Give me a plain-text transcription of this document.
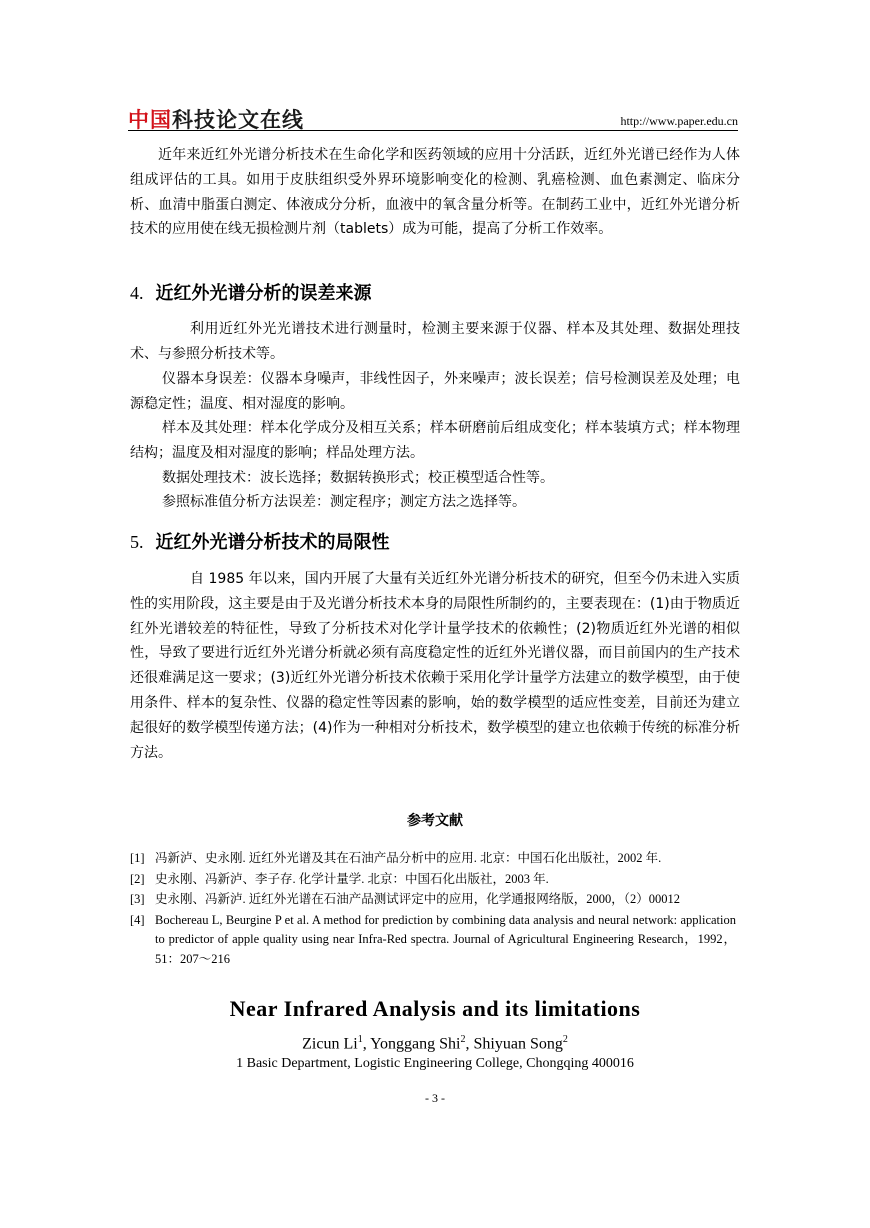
中国科技论文在线	http://www.paper.edu.cn

近年来近红外光谱分析技术在生命化学和医药领域的应用十分活跃，近红外光谱已经作为人体组成评估的工具。如用于皮肤组织受外界环境影响变化的检测、乳癌检测、血色素测定、临床分析、血清中脂蛋白测定、体液成分分析，血液中的氧含量分析等。在制药工业中，近红外光谱分析技术的应用使在线无损检测片剂（tablets）成为可能，提高了分析工作效率。

4. 近红外光谱分析的误差来源

利用近红外光光谱技术进行测量时，检测主要来源于仪器、样本及其处理、数据处理技术、与参照分析技术等。

仪器本身误差：仪器本身噪声，非线性因子，外来噪声；波长误差；信号检测误差及处理；电源稳定性；温度、相对湿度的影响。

样本及其处理：样本化学成分及相互关系；样本研磨前后组成变化；样本装填方式；样本物理结构；温度及相对湿度的影响；样品处理方法。

数据处理技术：波长选择；数据转换形式；校正模型适合性等。

参照标准值分析方法误差：测定程序；测定方法之选择等。

5. 近红外光谱分析技术的局限性

自 1985 年以来，国内开展了大量有关近红外光谱分析技术的研究，但至今仍未进入实质性的实用阶段，这主要是由于及光谱分析技术本身的局限性所制约的，主要表现在：(1)由于物质近红外光谱较差的特征性，导致了分析技术对化学计量学技术的依赖性；(2)物质近红外光谱的相似性，导致了要进行近红外光谱分析就必须有高度稳定性的近红外光谱仪器，而目前国内的生产技术还很难满足这一要求；(3)近红外光谱分析技术依赖于采用化学计量学方法建立的数学模型，由于使用条件、样本的复杂性、仪器的稳定性等因素的影响，始的数学模型的适应性变差，目前还为建立起很好的数学模型传递方法；(4)作为一种相对分析技术，数学模型的建立也依赖于传统的标准分析方法。

参考文献
[1] 冯新泸、史永刚. 近红外光谱及其在石油产品分析中的应用. 北京：中国石化出版社，2002 年.
[2] 史永刚、冯新泸、李子存. 化学计量学. 北京：中国石化出版社，2003 年.
[3] 史永刚、冯新泸. 近红外光谱在石油产品测试评定中的应用，化学通报网络版，2000，（2）00012
[4] Bochereau L, Beurgine P et al. A method for prediction by combining data analysis and neural network: application to predictor of apple quality using near Infra-Red spectra. Journal of Agricultural Engineering Research，1992，51：207～216
Near Infrared Analysis and its limitations

Zicun Li$^1$, Yonggang Shi$^2$, Shiyuan Song$^2$

1 Basic Department, Logistic Engineering College, Chongqing 400016

- 3 -
